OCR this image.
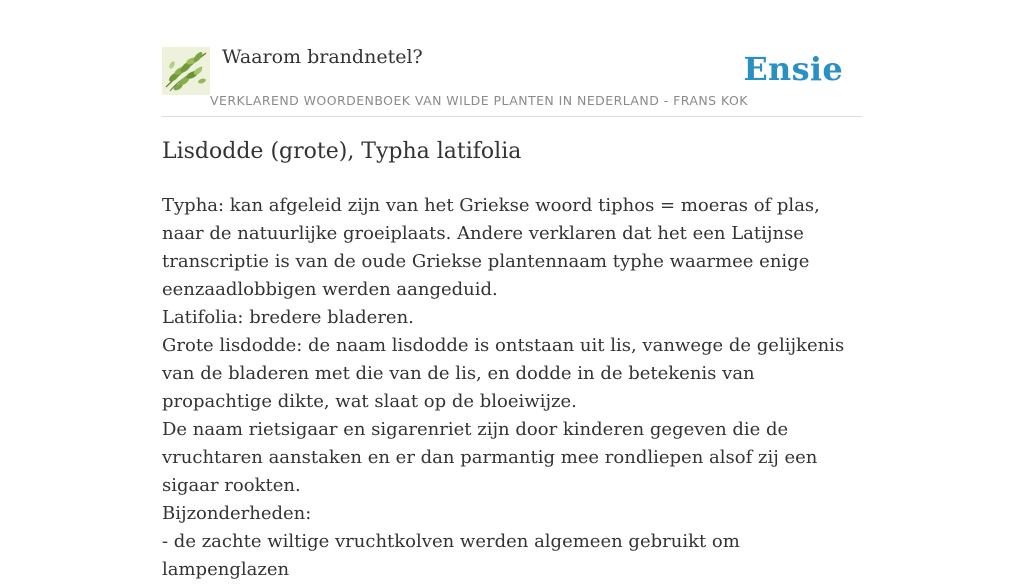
Waarom brandnetel?
VERKLAREND WOORDENBOEK VAN WILDE PLANTEN IN NEDERLAND - FRANS KOK
Ensie
Lisdodde (grote), Typha latifolia

Typha: kan afgeleid zijn van het Griekse woord tiphos = moeras of plas, naar de natuurlijke groeiplaats. Andere verklaren dat het een Latijnse transcriptie is van de oude Griekse plantennaam typhe waarmee enige eenzaadlobbigen werden aangeduid.

Latifolia: bredere bladeren.

Grote lisdodde: de naam lisdodde is ontstaan uit lis, vanwege de gelijkenis van de bladeren met die van de lis, en dodde in de betekenis van propachtige dikte, wat slaat op de bloeiwijze.

De naam rietsigaar en sigarenriet zijn door kinderen gegeven die de vruchtaren aanstaken en er dan parmantig mee rondliepen alsof zij een sigaar rookten.

Bijzonderheden:

- de zachte wiltige vruchtkolven werden algemeen gebruikt om lampenglazen
